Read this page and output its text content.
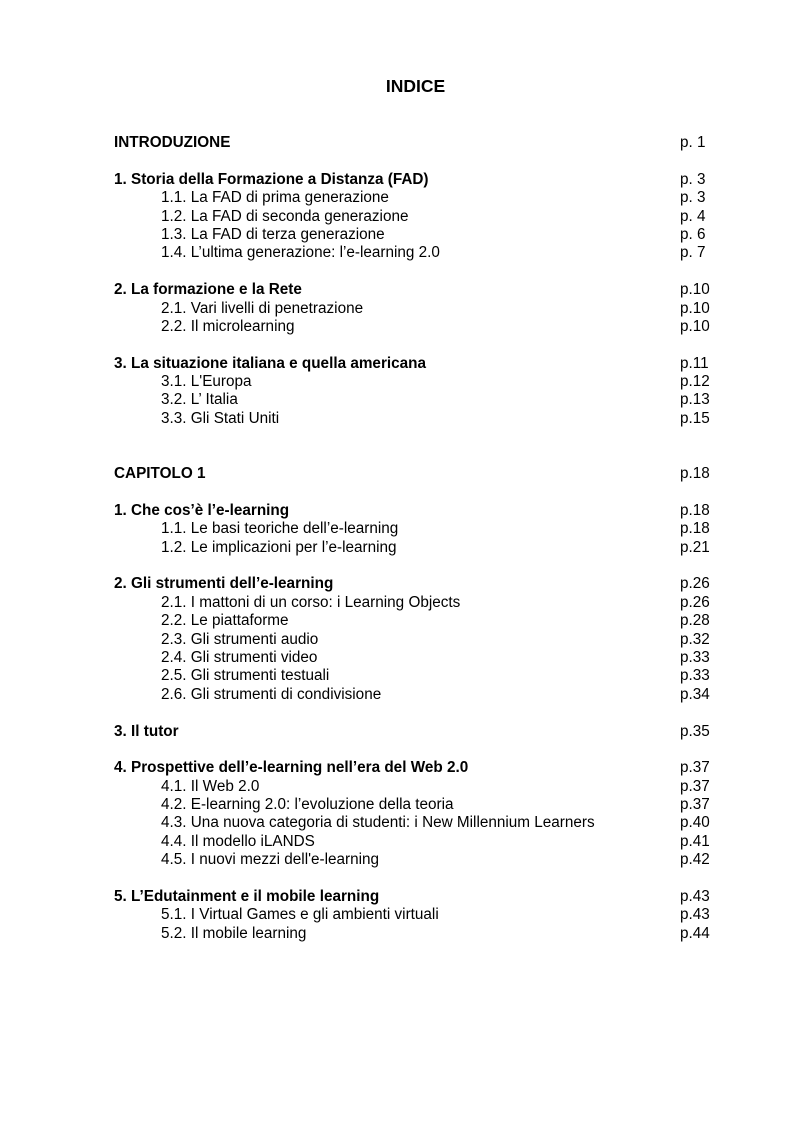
INDICE
INTRODUZIONE	p. 1
1. Storia della Formazione a Distanza (FAD)	p. 3
1.1. La FAD di prima generazione	p. 3
1.2. La FAD di seconda generazione	p. 4
1.3. La FAD di terza generazione	p. 6
1.4. L’ultima generazione: l’e-learning 2.0	p. 7
2. La formazione e la Rete	p.10
2.1. Vari livelli di penetrazione	p.10
2.2. Il microlearning	p.10
3. La situazione italiana e quella americana	p.11
3.1. L'Europa	p.12
3.2. L’ Italia	p.13
3.3. Gli Stati Uniti	p.15
CAPITOLO 1	p.18
1. Che cos’è l’e-learning	p.18
1.1. Le basi teoriche dell’e-learning	p.18
1.2. Le implicazioni per l’e-learning	p.21
2. Gli strumenti dell’e-learning	p.26
2.1. I mattoni di un corso: i Learning Objects	p.26
2.2. Le piattaforme	p.28
2.3. Gli strumenti audio	p.32
2.4. Gli strumenti video	p.33
2.5. Gli strumenti testuali	p.33
2.6. Gli strumenti di condivisione	p.34
3. Il tutor	p.35
4. Prospettive dell’e-learning nell’era del Web 2.0	p.37
4.1. Il Web 2.0	p.37
4.2. E-learning 2.0: l’evoluzione della teoria	p.37
4.3. Una nuova categoria di studenti: i New Millennium Learners	p.40
4.4. Il modello iLANDS	p.41
4.5. I nuovi mezzi dell'e-learning	p.42
5. L’Edutainment e il mobile learning	p.43
5.1. I Virtual Games e gli ambienti virtuali	p.43
5.2. Il mobile learning	p.44
